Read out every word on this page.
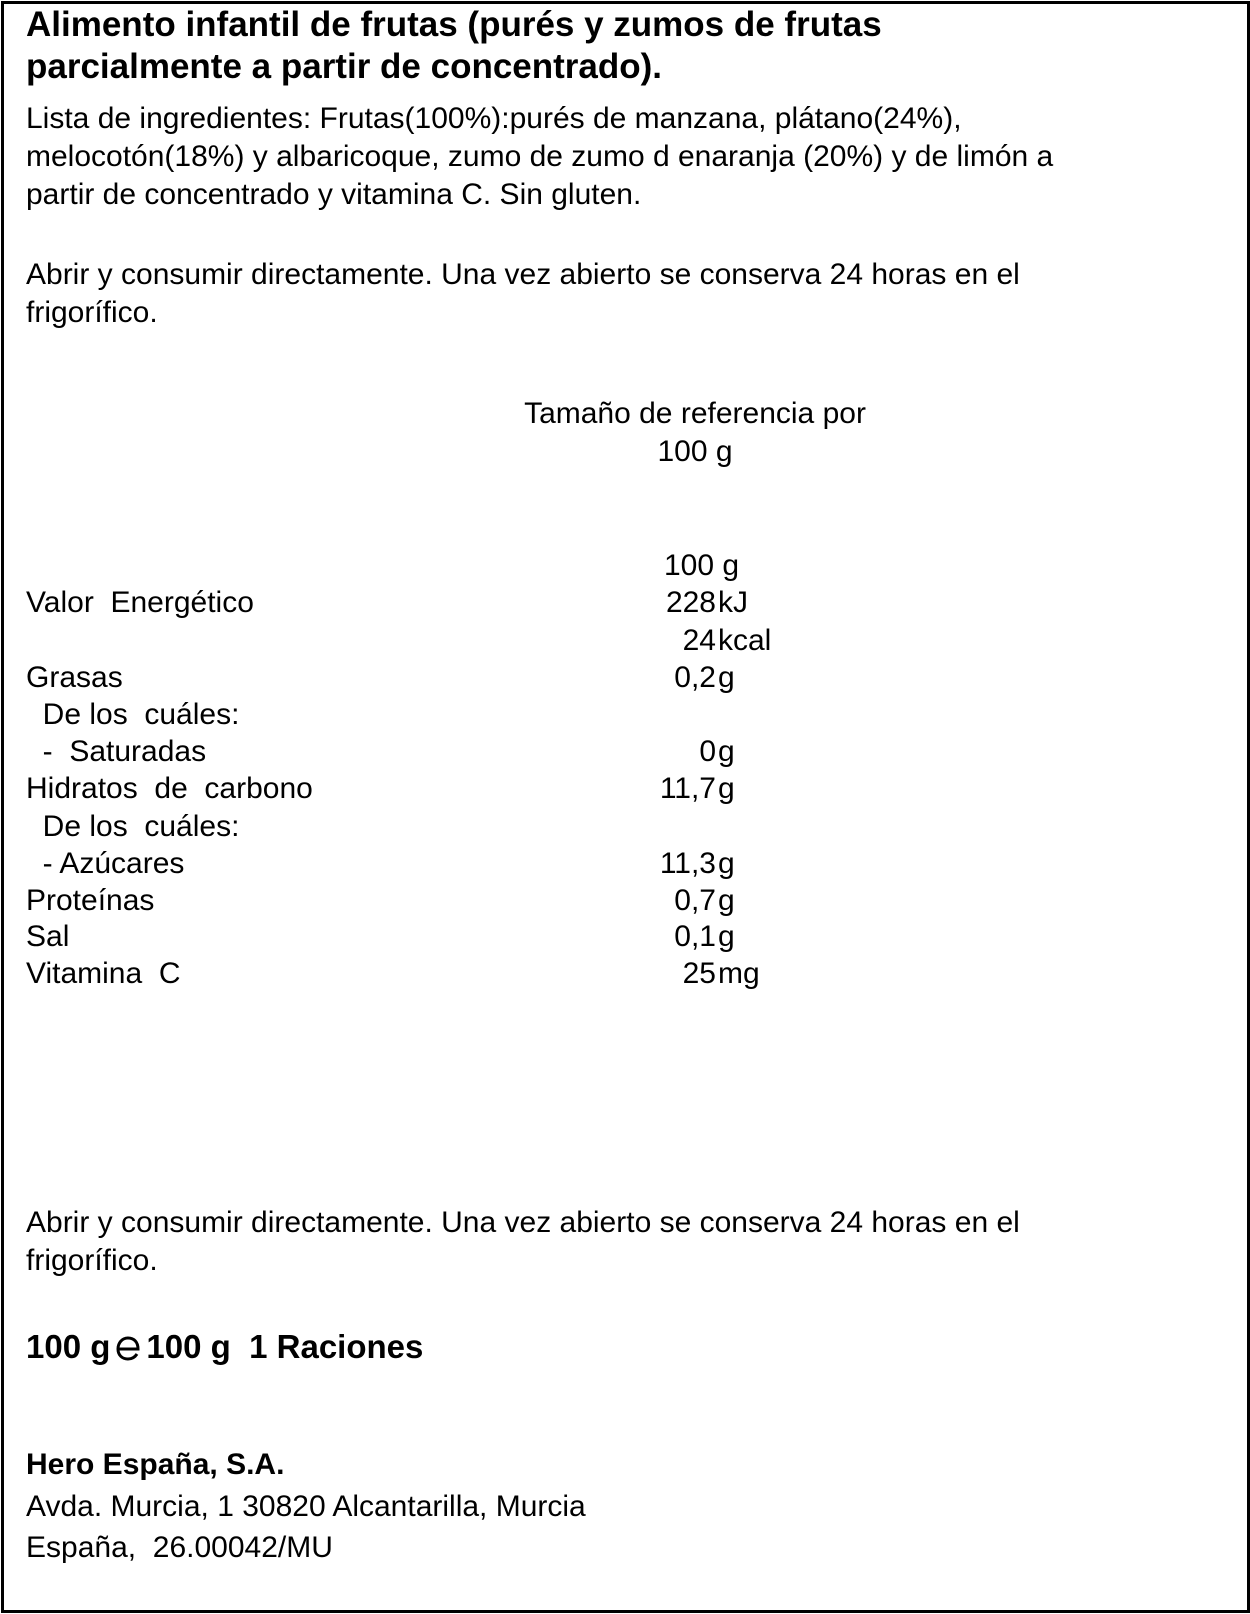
Alimento infantil de frutas (purés y zumos de frutas
parcialmente a partir de concentrado).
Lista de ingredientes: Frutas(100%):purés de manzana, plátano(24%),
melocotón(18%) y albaricoque, zumo de zumo d enaranja (20%) y de limón a
partir de concentrado y vitamina C. Sin gluten.
Abrir y consumir directamente. Una vez abierto se conserva 24 horas en el
frigorífico.
Tamaño de referencia por
100 g
100 g
Valor  Energético	228 kJ
24 kcal
Grasas	0,2 g
De los  cuáles:
-  Saturadas	0 g
Hidratos  de  carbono	11,7 g
De los  cuáles:
- Azúcares	11,3 g
Proteínas	0,7 g
Sal	0,1 g
Vitamina  C	25 mg
Abrir y consumir directamente. Una vez abierto se conserva 24 horas en el
frigorífico.
100 g 100 g 1 Raciones
Hero España, S.A.
Avda. Murcia, 1 30820 Alcantarilla, Murcia
España,  26.00042/MU
